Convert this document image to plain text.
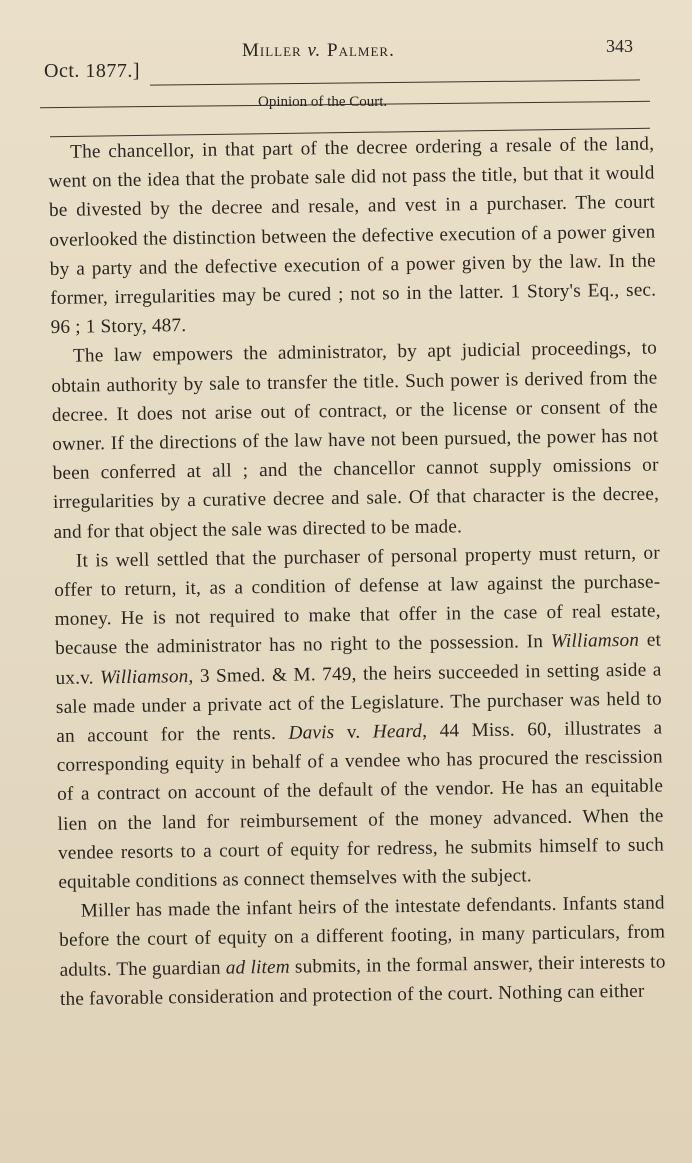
Oct. 1877.]
Miller v. Palmer.	343
Opinion of the Court.

The chancellor, in that part of the decree ordering a resale of the land, went on the idea that the probate sale did not pass the title, but that it would be divested by the decree and resale, and vest in a purchaser. The court overlooked the distinction between the defective execution of a power given by a party and the defective execution of a power given by the law. In the former, irregularities may be cured ; not so in the latter. 1 Story's Eq., sec. 96 ; 1 Story, 487.

The law empowers the administrator, by apt judicial proceedings, to obtain authority by sale to transfer the title. Such power is derived from the decree. It does not arise out of contract, or the license or consent of the owner. If the directions of the law have not been pursued, the power has not been conferred at all ; and the chancellor cannot supply omissions or irregularities by a curative decree and sale. Of that character is the decree, and for that object the sale was directed to be made.

It is well settled that the purchaser of personal property must return, or offer to return, it, as a condition of defense at law against the purchase-money. He is not required to make that offer in the case of real estate, because the administrator has no right to the possession. In Williamson et ux.v. Williamson, 3 Smed. & M. 749, the heirs succeeded in setting aside a sale made under a private act of the Legislature. The purchaser was held to an account for the rents. Davis v. Heard, 44 Miss. 60, illustrates a corresponding equity in behalf of a vendee who has procured the rescission of a contract on account of the default of the vendor. He has an equitable lien on the land for reimbursement of the money advanced. When the vendee resorts to a court of equity for redress, he submits himself to such equitable conditions as connect themselves with the subject.

Miller has made the infant heirs of the intestate defendants. Infants stand before the court of equity on a different footing, in many particulars, from adults. The guardian ad litem submits, in the formal answer, their interests to the favorable consideration and protection of the court. Nothing can either
